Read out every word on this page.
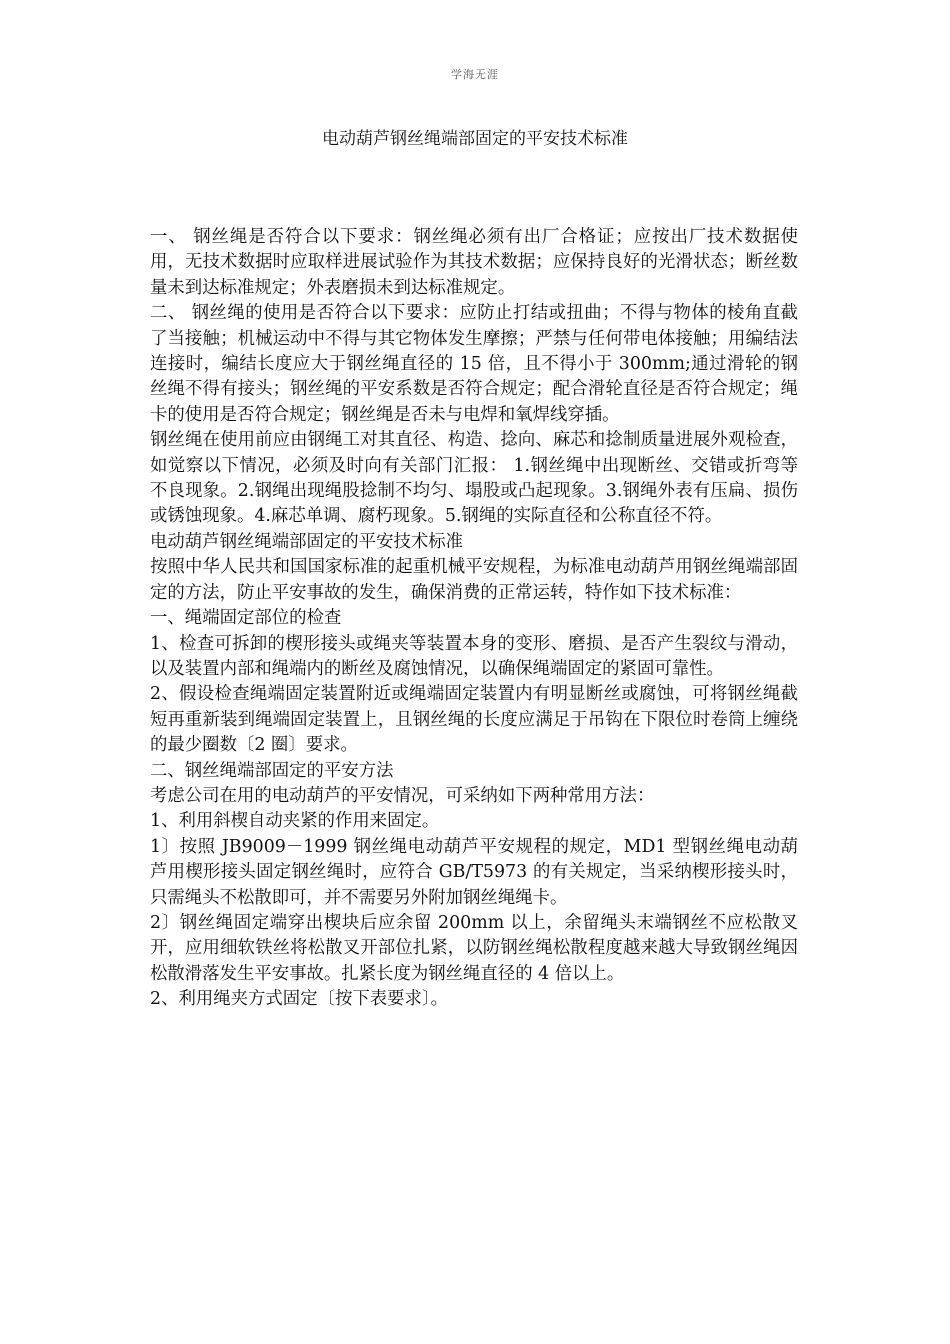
学海无涯
电动葫芦钢丝绳端部固定的平安技术标准

一、 钢丝绳是否符合以下要求：钢丝绳必须有出厂合格证；应按出厂技术数据使用，无技术数据时应取样进展试验作为其技术数据；应保持良好的光滑状态；断丝数量未到达标准规定；外表磨损未到达标准规定。

二、 钢丝绳的使用是否符合以下要求：应防止打结或扭曲；不得与物体的棱角直截了当接触；机械运动中不得与其它物体发生摩擦；严禁与任何带电体接触；用编结法连接时，编结长度应大于钢丝绳直径的 15 倍，且不得小于 300mm;通过滑轮的钢丝绳不得有接头；钢丝绳的平安系数是否符合规定；配合滑轮直径是否符合规定；绳卡的使用是否符合规定；钢丝绳是否未与电焊和氧焊线穿插。

钢丝绳在使用前应由钢绳工对其直径、构造、捻向、麻芯和捻制质量进展外观检查，如觉察以下情况，必须及时向有关部门汇报： 1.钢丝绳中出现断丝、交错或折弯等不良现象。2.钢绳出现绳股捻制不均匀、塌股或凸起现象。3.钢绳外表有压扁、损伤或锈蚀现象。4.麻芯单调、腐朽现象。5.钢绳的实际直径和公称直径不符。

电动葫芦钢丝绳端部固定的平安技术标准

按照中华人民共和国国家标准的起重机械平安规程，为标准电动葫芦用钢丝绳端部固定的方法，防止平安事故的发生，确保消费的正常运转，特作如下技术标准：

一、绳端固定部位的检查

1、检查可拆卸的楔形接头或绳夹等装置本身的变形、磨损、是否产生裂纹与滑动，以及装置内部和绳端内的断丝及腐蚀情况，以确保绳端固定的紧固可靠性。

2、假设检查绳端固定装置附近或绳端固定装置内有明显断丝或腐蚀，可将钢丝绳截短再重新装到绳端固定装置上，且钢丝绳的长度应满足于吊钩在下限位时卷筒上缠绕的最少圈数〔2 圈〕要求。

二、钢丝绳端部固定的平安方法

考虑公司在用的电动葫芦的平安情况，可采纳如下两种常用方法：

1、利用斜楔自动夹紧的作用来固定。

1〕按照 JB9009－1999 钢丝绳电动葫芦平安规程的规定，MD1 型钢丝绳电动葫芦用楔形接头固定钢丝绳时，应符合 GB/T5973 的有关规定，当采纳楔形接头时，只需绳头不松散即可，并不需要另外附加钢丝绳绳卡。

2〕钢丝绳固定端穿出楔块后应余留 200mm 以上，余留绳头末端钢丝不应松散叉开，应用细软铁丝将松散叉开部位扎紧，以防钢丝绳松散程度越来越大导致钢丝绳因松散滑落发生平安事故。扎紧长度为钢丝绳直径的 4 倍以上。

2、利用绳夹方式固定〔按下表要求〕。
